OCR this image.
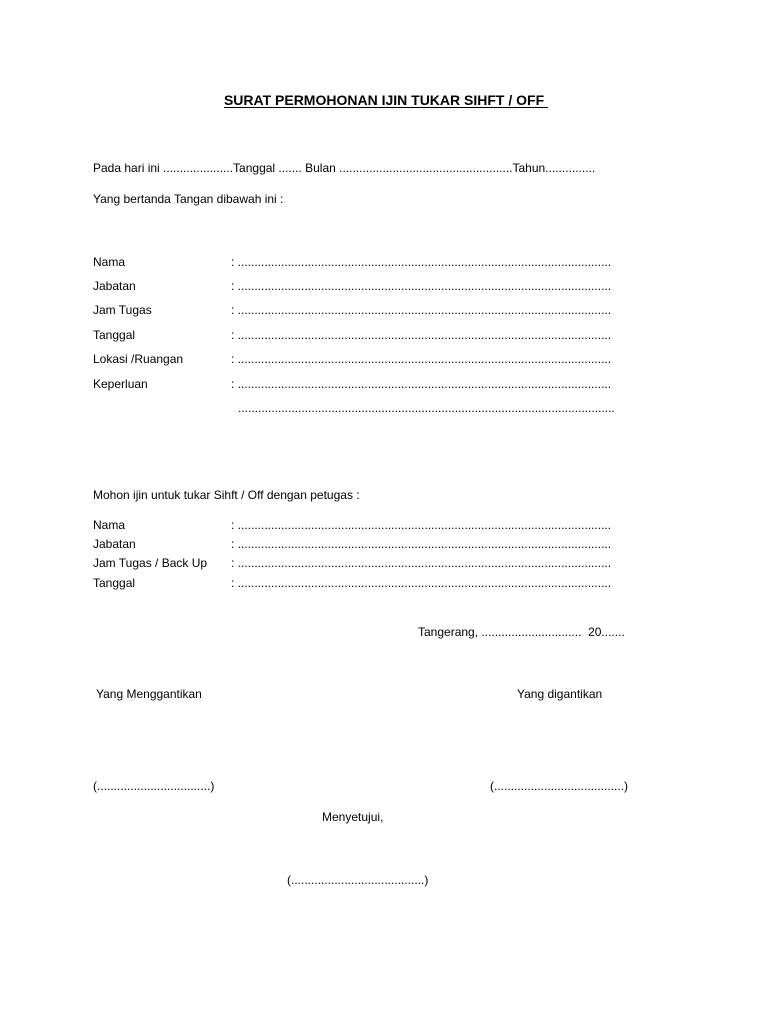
SURAT PERMOHONAN IJIN TUKAR SIHFT / OFF
Pada hari ini .....................Tanggal ....... Bulan ....................................................Tahun...............
Yang bertanda Tangan dibawah ini :
Nama	: ................................................................................................................
Jabatan	: ................................................................................................................
Jam Tugas	: ................................................................................................................
Tanggal	: ................................................................................................................
Lokasi /Ruangan	: ................................................................................................................
Keperluan	: ................................................................................................................
.................................................................................................................
Mohon ijin untuk tukar Sihft / Off dengan petugas :
Nama	: ................................................................................................................
Jabatan	: ................................................................................................................
Jam Tugas / Back Up : ................................................................................................................
Tanggal	: ................................................................................................................
Tangerang, ..............................  20.......
Yang Menggantikan	Yang digantikan
(..................................)	(.......................................)
Menyetujui,
(........................................)
